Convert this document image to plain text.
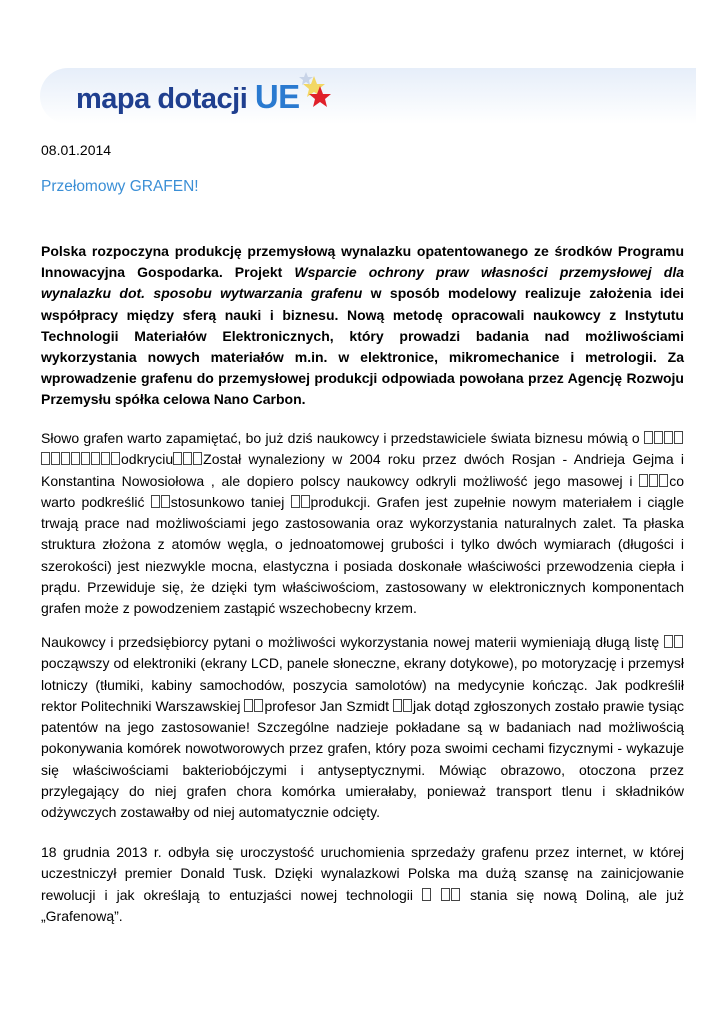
mapa dotacji UE
08.01.2014
Przełomowy GRAFEN!
Polska rozpoczyna produkcję przemysłową wynalazku opatentowanego ze środków Programu Innowacyjna Gospodarka. Projekt Wsparcie ochrony praw własności przemysłowej dla wynalazku dot. sposobu wytwarzania grafenu w sposób modelowy realizuje założenia idei współpracy między sferą nauki i biznesu. Nową metodę opracowali naukowcy z Instytutu Technologii Materiałów Elektronicznych, który prowadzi badania nad możliwościami wykorzystania nowych materiałów m.in. w elektronice, mikromechanice i metrologii. Za wprowadzenie grafenu do przemysłowej produkcji odpowiada powołana przez Agencję Rozwoju Przemysłu spółka celowa Nano Carbon.
Słowo grafen warto zapamiętać, bo już dziś naukowcy i przedstawiciele świata biznesu mówią o odkryciu Został wynaleziony w 2004 roku przez dwóch Rosjan - Andrieja Gejma i Konstantina Nowosiołowa , ale dopiero polscy naukowcy odkryli możliwość jego masowej i co warto podkreślić stosunkowo taniej produkcji. Grafen jest zupełnie nowym materiałem i ciągle trwają prace nad możliwościami jego zastosowania oraz wykorzystania naturalnych zalet. Ta płaska struktura złożona z atomów węgla, o jednoatomowej grubości i tylko dwóch wymiarach (długości i szerokości) jest niezwykle mocna, elastyczna i posiada doskonałe właściwości przewodzenia ciepła i prądu. Przewiduje się, że dzięki tym właściwościom, zastosowany w elektronicznych komponentach grafen może z powodzeniem zastąpić wszechobecny krzem.
Naukowcy i przedsiębiorcy pytani o możliwości wykorzystania nowej materii wymieniają długą listę począwszy od elektroniki (ekrany LCD, panele słoneczne, ekrany dotykowe), po motoryzację i przemysł lotniczy (tłumiki, kabiny samochodów, poszycia samolotów) na medycynie kończąc. Jak podkreślił rektor Politechniki Warszawskiej profesor Jan Szmidt jak dotąd zgłoszonych zostało prawie tysiąc patentów na jego zastosowanie! Szczególne nadzieje pokładane są w badaniach nad możliwością pokonywania komórek nowotworowych przez grafen, który poza swoimi cechami fizycznymi - wykazuje się właściwościami bakteriobójczymi i antyseptycznymi. Mówiąc obrazowo, otoczona przez przylegający do niej grafen chora komórka umierałaby, ponieważ transport tlenu i składników odżywczych zostawałby od niej automatycznie odcięty.
18 grudnia 2013 r. odbyła się uroczystość uruchomienia sprzedaży grafenu przez internet, w której uczestniczył premier Donald Tusk. Dzięki wynalazkowi Polska ma dużą szansę na zainicjowanie rewolucji i jak określają to entuzjaści nowej technologii	stania się nową Doliną, ale już „Grafenową”.
